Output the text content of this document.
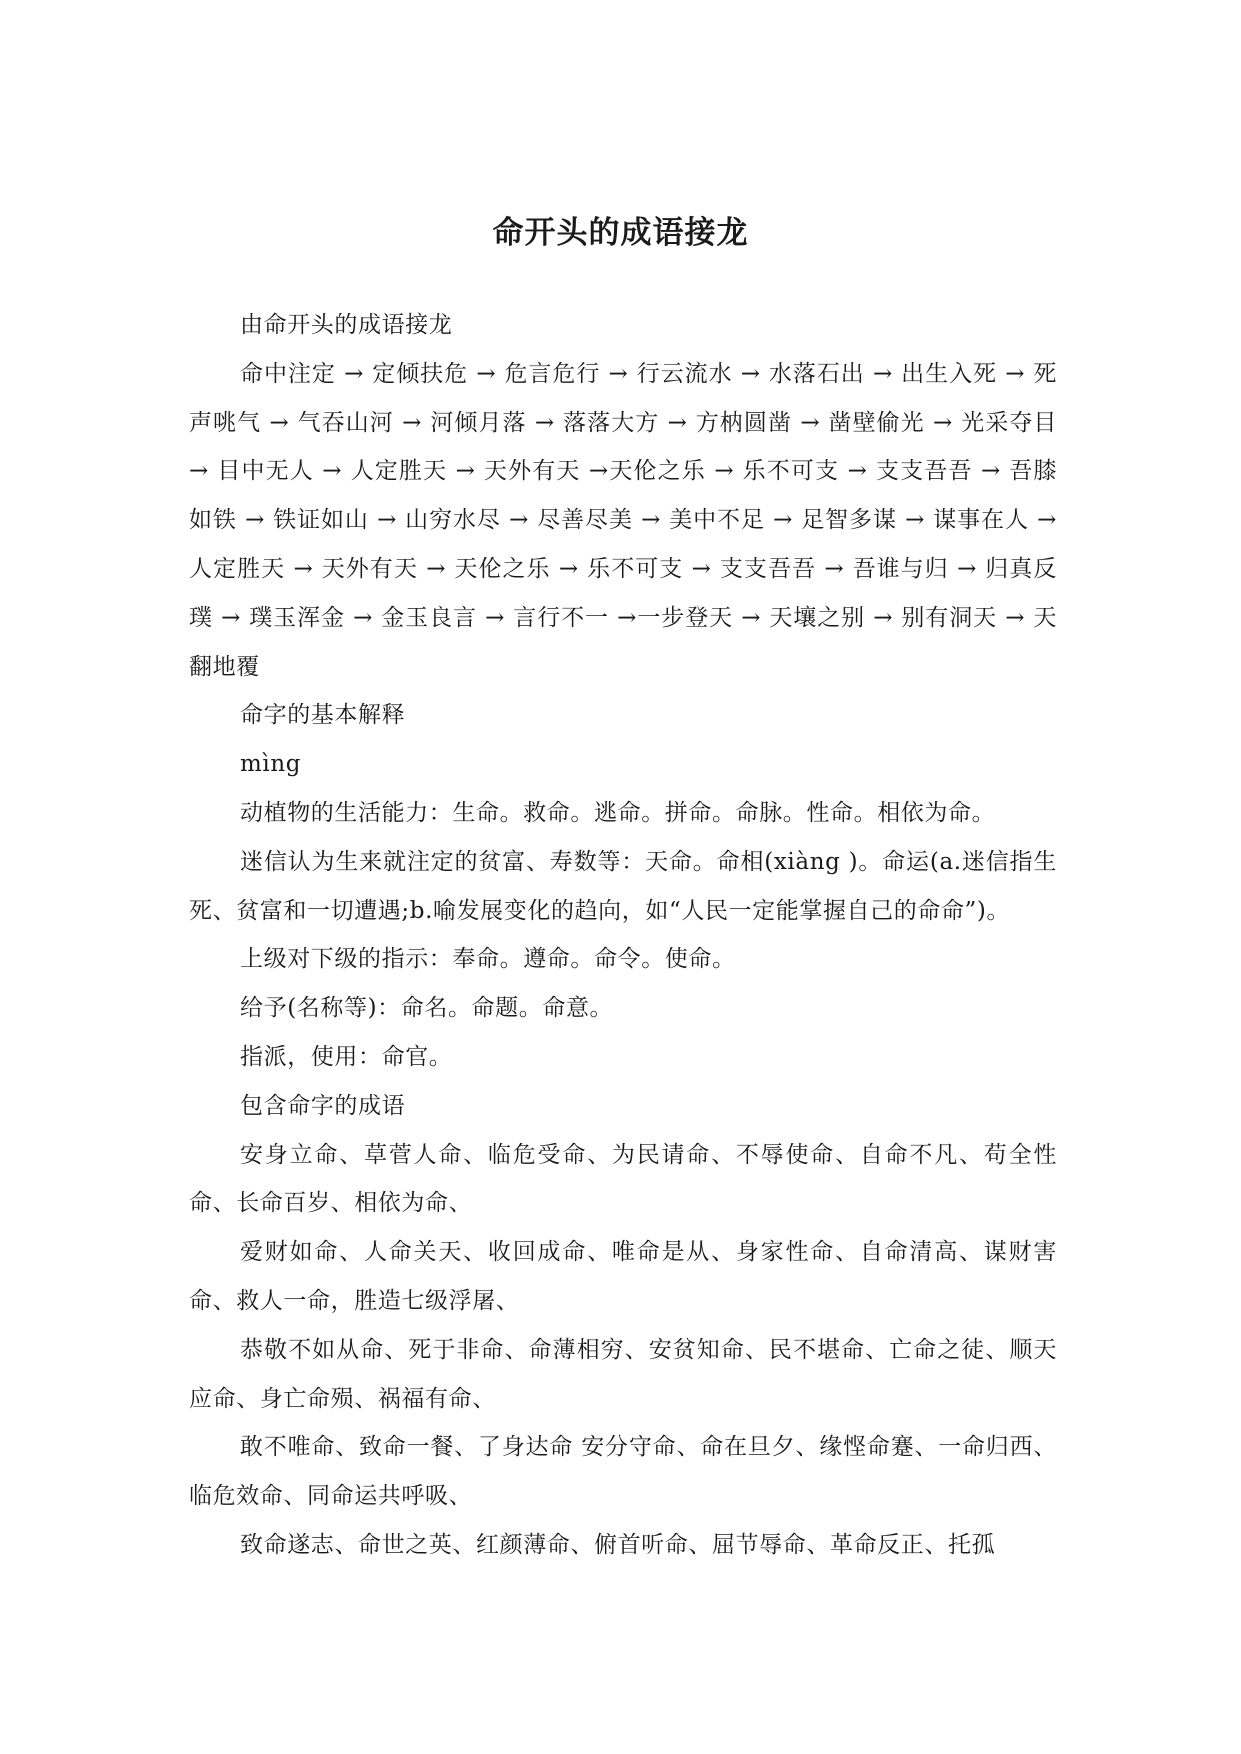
命开头的成语接龙

由命开头的成语接龙

命中注定 → 定倾扶危 → 危言危行 → 行云流水 → 水落石出 → 出生入死 → 死声咷气 → 气吞山河 → 河倾月落 → 落落大方 → 方枘圆凿 → 凿壁偷光 → 光采夺目 → 目中无人 → 人定胜天 → 天外有天 →天伦之乐 → 乐不可支 → 支支吾吾 → 吾膝如铁 → 铁证如山 → 山穷水尽 → 尽善尽美 → 美中不足 → 足智多谋 → 谋事在人 → 人定胜天 → 天外有天 → 天伦之乐 → 乐不可支 → 支支吾吾 → 吾谁与归 → 归真反璞 → 璞玉浑金 → 金玉良言 → 言行不一 →一步登天 → 天壤之别 → 别有洞天 → 天翻地覆

命字的基本解释

mìng

动植物的生活能力：生命。救命。逃命。拼命。命脉。性命。相依为命。

迷信认为生来就注定的贫富、寿数等：天命。命相(xiàng )。命运(a.迷信指生死、贫富和一切遭遇;b.喻发展变化的趋向，如“人民一定能掌握自己的命命”)。

上级对下级的指示：奉命。遵命。命令。使命。

给予(名称等)：命名。命题。命意。

指派，使用：命官。

包含命字的成语

安身立命、草菅人命、临危受命、为民请命、不辱使命、自命不凡、苟全性命、长命百岁、相依为命、

爱财如命、人命关天、收回成命、唯命是从、身家性命、自命清高、谋财害命、救人一命，胜造七级浮屠、

恭敬不如从命、死于非命、命薄相穷、安贫知命、民不堪命、亡命之徒、顺天应命、身亡命殒、祸福有命、

敢不唯命、致命一餐、了身达命 安分守命、命在旦夕、缘悭命蹇、一命归西、临危效命、同命运共呼吸、

致命遂志、命世之英、红颜薄命、俯首听命、屈节辱命、革命反正、托孤
